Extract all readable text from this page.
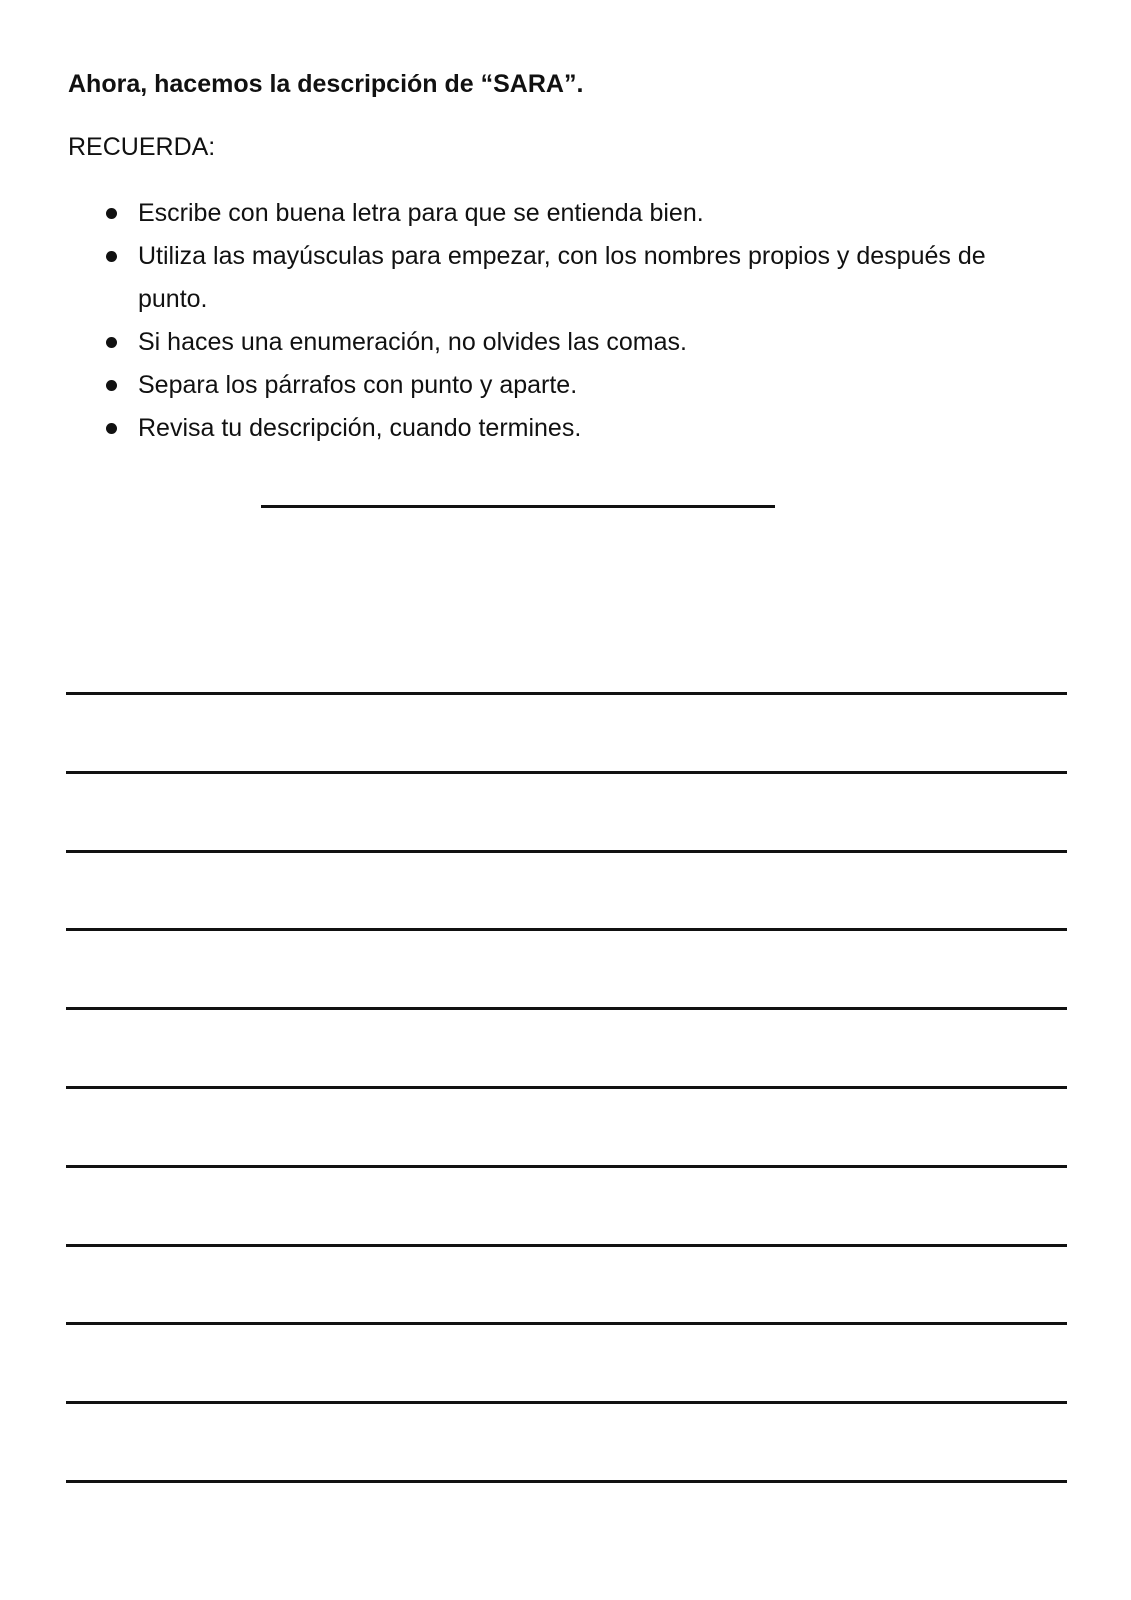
Ahora, hacemos la descripción de “SARA”.
RECUERDA:
Escribe con buena letra para que se entienda bien.
Utiliza las mayúsculas para empezar, con los nombres propios y después de punto.
Si haces una enumeración, no olvides las comas.
Separa los párrafos con punto y aparte.
Revisa tu descripción, cuando termines.
